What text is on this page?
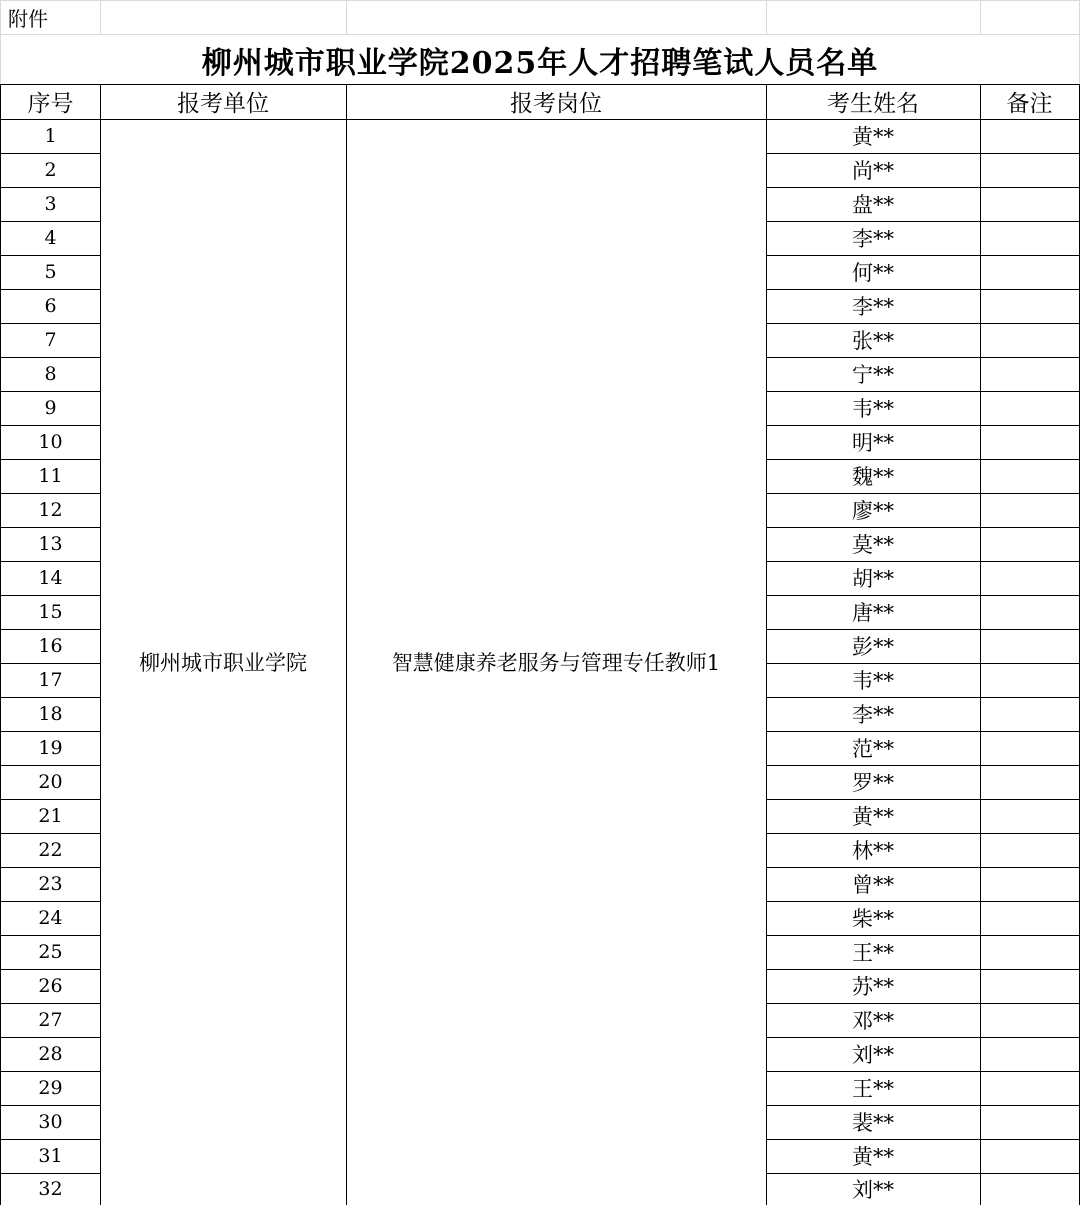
附件
柳州城市职业学院2025年人才招聘笔试人员名单
序号	报考单位	报考岗位	考生姓名	备注
柳州城市职业学院	智慧健康养老服务与管理专任教师1
1	黄**
2	尚**
3	盘**
4	李**
5	何**
6	李**
7	张**
8	宁**
9	韦**
10	明**
11	魏**
12	廖**
13	莫**
14	胡**
15	唐**
16	彭**
17	韦**
18	李**
19	范**
20	罗**
21	黄**
22	林**
23	曾**
24	柴**
25	王**
26	苏**
27	邓**
28	刘**
29	王**
30	裴**
31	黄**
32	刘**
